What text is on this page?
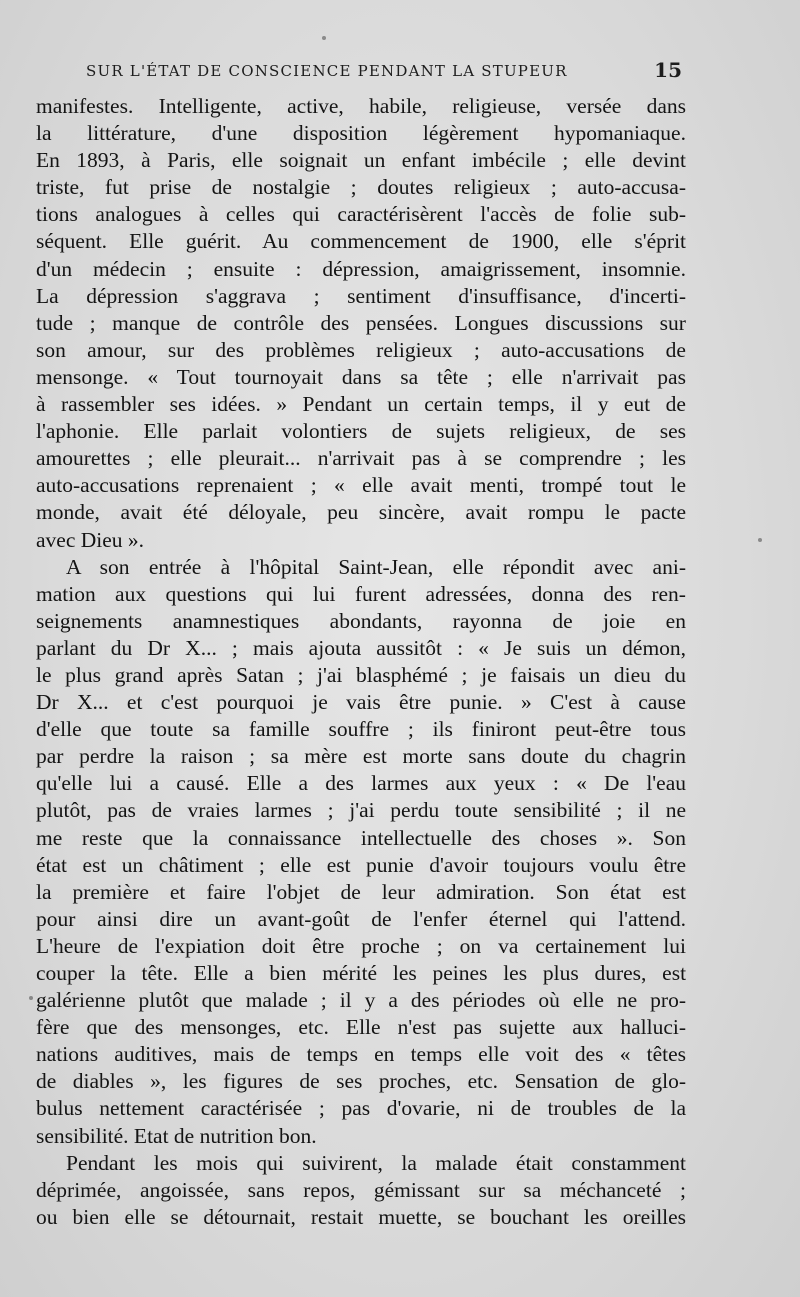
SUR L'ÉTAT DE CONSCIENCE PENDANT LA STUPEUR	15
manifestes. Intelligente, active, habile, religieuse, versée dans
la littérature, d'une disposition légèrement hypomaniaque.
En 1893, à Paris, elle soignait un enfant imbécile ; elle devint
triste, fut prise de nostalgie ; doutes religieux ; auto-accusa-
tions analogues à celles qui caractérisèrent l'accès de folie sub-
séquent. Elle guérit. Au commencement de 1900, elle s'éprit
d'un médecin ; ensuite : dépression, amaigrissement, insomnie.
La dépression s'aggrava ; sentiment d'insuffisance, d'incerti-
tude ; manque de contrôle des pensées. Longues discussions sur
son amour, sur des problèmes religieux ; auto-accusations de
mensonge. « Tout tournoyait dans sa tête ; elle n'arrivait pas
à rassembler ses idées. » Pendant un certain temps, il y eut de
l'aphonie. Elle parlait volontiers de sujets religieux, de ses
amourettes ; elle pleurait... n'arrivait pas à se comprendre ; les
auto-accusations reprenaient ; « elle avait menti, trompé tout le
monde, avait été déloyale, peu sincère, avait rompu le pacte
avec Dieu ».
A son entrée à l'hôpital Saint-Jean, elle répondit avec ani-
mation aux questions qui lui furent adressées, donna des ren-
seignements anamnestiques abondants, rayonna de joie en
parlant du Dr X... ; mais ajouta aussitôt : « Je suis un démon,
le plus grand après Satan ; j'ai blasphémé ; je faisais un dieu du
Dr X... et c'est pourquoi je vais être punie. » C'est à cause
d'elle que toute sa famille souffre ; ils finiront peut-être tous
par perdre la raison ; sa mère est morte sans doute du chagrin
qu'elle lui a causé. Elle a des larmes aux yeux : « De l'eau
plutôt, pas de vraies larmes ; j'ai perdu toute sensibilité ; il ne
me reste que la connaissance intellectuelle des choses ». Son
état est un châtiment ; elle est punie d'avoir toujours voulu être
la première et faire l'objet de leur admiration. Son état est
pour ainsi dire un avant-goût de l'enfer éternel qui l'attend.
L'heure de l'expiation doit être proche ; on va certainement lui
couper la tête. Elle a bien mérité les peines les plus dures, est
galérienne plutôt que malade ; il y a des périodes où elle ne pro-
fère que des mensonges, etc. Elle n'est pas sujette aux halluci-
nations auditives, mais de temps en temps elle voit des « têtes
de diables », les figures de ses proches, etc. Sensation de glo-
bulus nettement caractérisée ; pas d'ovarie, ni de troubles de la
sensibilité. Etat de nutrition bon.
Pendant les mois qui suivirent, la malade était constamment
déprimée, angoissée, sans repos, gémissant sur sa méchanceté ;
ou bien elle se détournait, restait muette, se bouchant les oreilles
